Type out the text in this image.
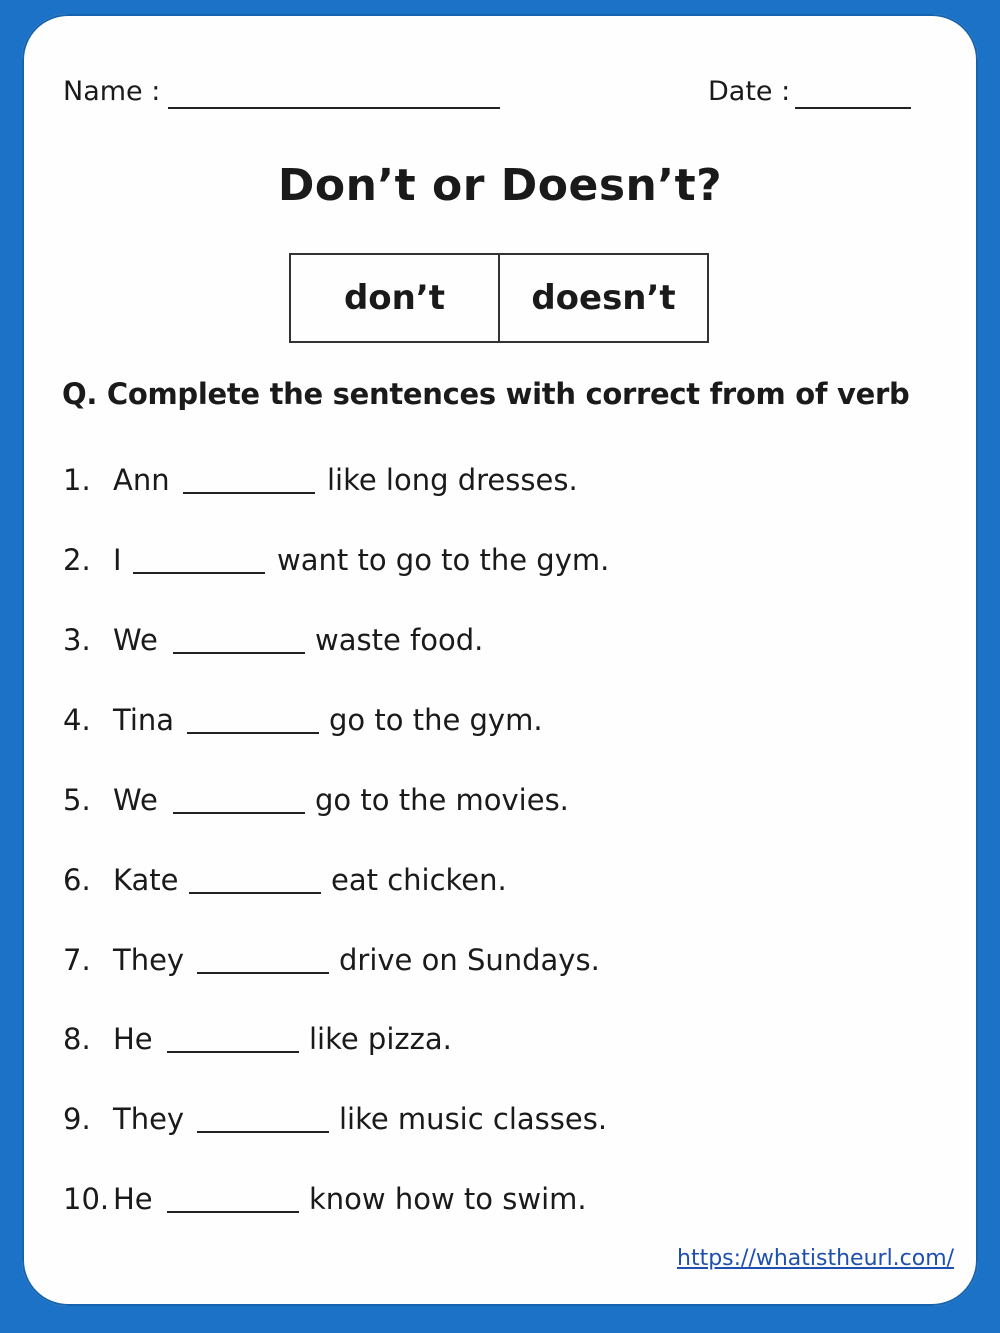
Name :	Date :
Don’t or Doesn’t?
don’t	doesn’t
Q. Complete the sentences with correct from of verb
1. Ann	like long dresses.
2. I	want to go to the gym.
3. We	waste food.
4. Tina	go to the gym.
5. We	go to the movies.
6. Kate	eat chicken.
7. They	drive on Sundays.
8. He	like pizza.
9. They	like music classes.
10. He	know how to swim.
https://whatistheurl.com/
